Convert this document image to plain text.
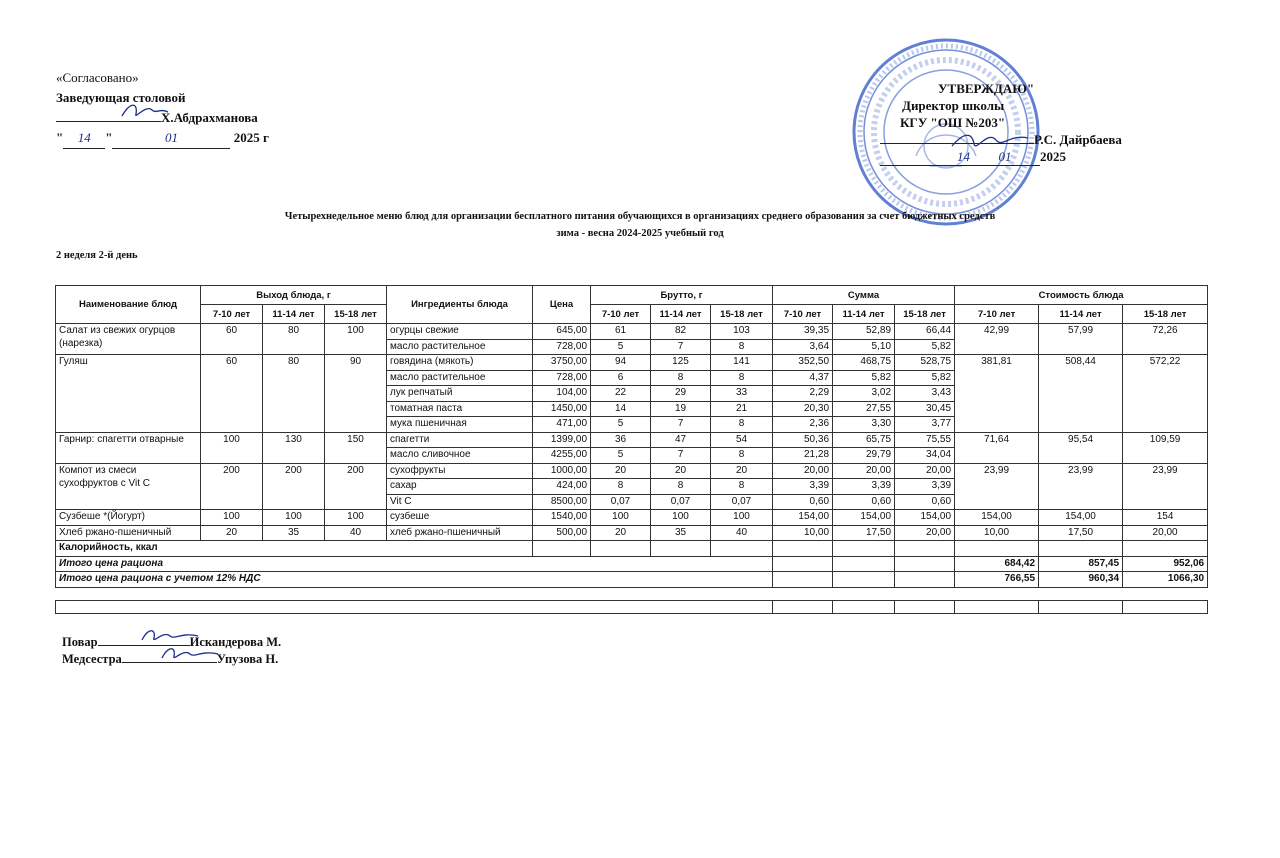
«Согласовано»
Заведующая столовой
Х.Абдрахманова
" 14 "	01	2025 г
УТВЕРЖДАЮ"
Директор школы
КГУ "ОШ №203"
Р.С. Дайрбаева
14 01 2025
Четырехнедельное меню блюд для организации бесплатного питания обучающихся в организациях среднего образования за счет бюджетных средств
зима - весна 2024-2025 учебный год
2 неделя 2-й день
Наименование блюд	Выход блюда, г			Ингредиенты блюда	Цена	Брутто, г			Сумма			Стоимость блюда		
	7-10 лет	11-14 лет	15-18 лет			7-10 лет	11-14 лет	15-18 лет	7-10 лет	11-14 лет	15-18 лет	7-10 лет	11-14 лет	15-18 лет
Салат из свежих огурцов (нарезка)	60	80	100	огурцы свежие	645,00	61	82	103	39,35	52,89	66,44	42,99	57,99	72,26
				масло растительное	728,00	5	7	8	3,64	5,10	5,82			
Гуляш	60	80	90	говядина (мякоть)	3750,00	94	125	141	352,50	468,75	528,75	381,81	508,44	572,22
				масло растительное	728,00	6	8	8	4,37	5,82	5,82			
				лук репчатый	104,00	22	29	33	2,29	3,02	3,43			
				томатная паста	1450,00	14	19	21	20,30	27,55	30,45			
				мука пшеничная	471,00	5	7	8	2,36	3,30	3,77			
Гарнир: спагетти отварные	100	130	150	спагетти	1399,00	36	47	54	50,36	65,75	75,55	71,64	95,54	109,59
				масло сливочное	4255,00	5	7	8	21,28	29,79	34,04			
Компот из смеси сухофруктов с Vit C	200	200	200	сухофрукты	1000,00	20	20	20	20,00	20,00	20,00	23,99	23,99	23,99
				сахар	424,00	8	8	8	3,39	3,39	3,39			
				Vit C	8500,00	0,07	0,07	0,07	0,60	0,60	0,60			
Сузбеше *(Йогурт)	100	100	100	сузбеше	1540,00	100	100	100	154,00	154,00	154,00	154,00	154,00	154
Хлеб ржано-пшеничный	20	35	40	хлеб ржано-пшеничный	500,00	20	35	40	10,00	17,50	20,00	10,00	17,50	20,00
Калорийность, ккал														
Итого цена рациона												684,42	857,45	952,06
Итого цена рациона с учетом 12% НДС												766,55	960,34	1066,30

Повар	Искандерова М.
Медсестра	Упузова Н.
